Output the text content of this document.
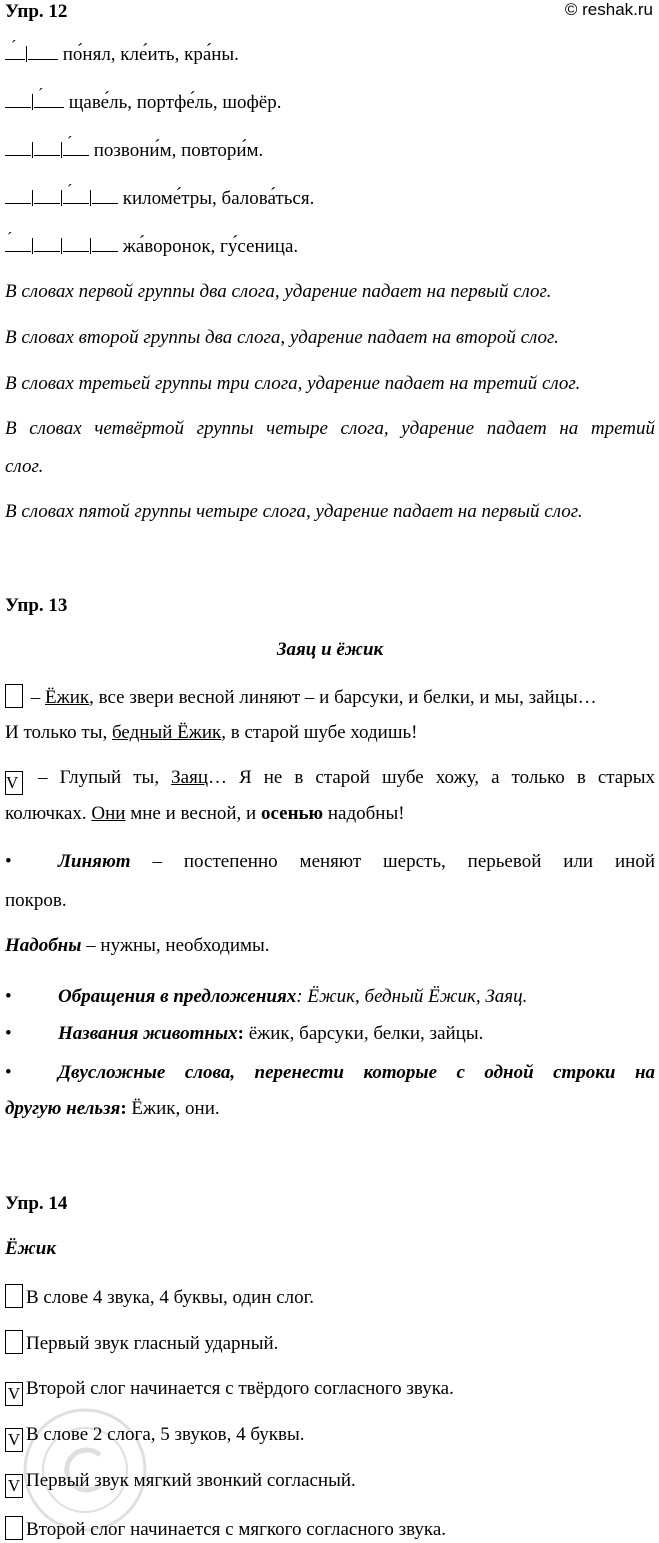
Упр. 12	© reshak.ru
´ по́нял, кле́ить, кра́ны.
´ щаве́ль, портфе́ль, шофёр.
´ позвони́м, повтори́м.
´	киломе́тры, балова́ться.
´	жа́воронок, гу́сеница.
В словах первой группы два слога, ударение падает на первый слог.
В словах второй группы два слога, ударение падает на второй слог.
В словах третьей группы три слога, ударение падает на третий слог.
В словах четвёртой группы четыре слога, ударение падает на третий
слог.
В словах пятой группы четыре слога, ударение падает на первый слог.
Упр. 13
Заяц и ёжик
– Ёжик, все звери весной линяют – и барсуки, и белки, и мы, зайцы…
И только ты, бедный Ёжик, в старой шубе ходишь!
V – Глупый ты, Заяц… Я не в старой шубе хожу, а только в старых
колючках. Они мне и весной, и осенью надобны!
• Линяют – постепенно меняют шерсть, перьевой или иной
покров.
Надобны – нужны, необходимы.
• Обращения в предложениях: Ёжик, бедный Ёжик, Заяц.
• Названия животных: ёжик, барсуки, белки, зайцы.
• Двусложные слова, перенести которые с одной строки на
другую нельзя: Ёжик, они.
Упр. 14
Ёжик
В слове 4 звука, 4 буквы, один слог.
Первый звук гласный ударный.
V Второй слог начинается с твёрдого согласного звука.
V В слове 2 слога, 5 звуков, 4 буквы.
V Первый звук мягкий звонкий согласный.
Второй слог начинается с мягкого согласного звука.
